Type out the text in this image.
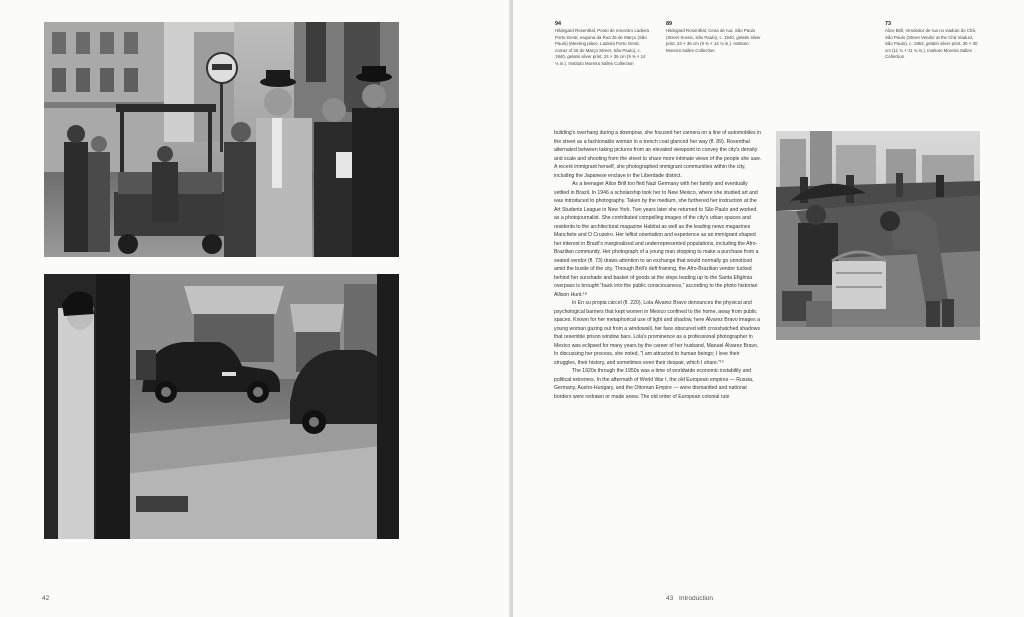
42
94
Hildegard Rosenthal, Ponto de encontro Ladeira Porto Geral, esquina da Rua 25 de Março (São Paulo) (Meeting place, Ladeira Porto Geral, corner of 25 de Março Street, São Paulo), c. 1940, gelatin silver print, 24 × 36 cm (9 ⅜ × 14 ⅛ in.). Instituto Moreira Salles Collection
89
Hildegard Rosenthal, Cena de rua, São Paulo (Street Scene, São Paulo), c. 1940, gelatin silver print, 24 × 36 cm (9 ⅜ × 14 ⅛ in.). Instituto Moreira Salles Collection
73
Alice Brill, Vendedor de rua no viaduto do Chá, São Paulo (Street Vendor at the Chá Viaduct, São Paulo), c. 1953, gelatin silver print, 30 × 30 cm (11 ¾ × 11 ¾ in.). Instituto Moreira Salles Collection

building's overhang during a downpour, she focused her camera on a line of automobiles in the street as a fashionable woman in a trench coat glanced her way (fl. 89). Rosenthal alternated between taking pictures from an elevated viewpoint to convey the city's density and scale and shooting from the street to share more intimate views of the people she saw. A recent immigrant herself, she photographed immigrant communities within the city, including the Japanese enclave in the Liberdade district.

As a teenager Alice Brill too fled Nazi Germany with her family and eventually settled in Brazil. In 1946 a scholarship took her to New Mexico, where she studied art and was introduced to photography. Taken by the medium, she furthered her instruction at the Art Students League in New York. Two years later she returned to São Paulo and worked as a photojournalist. She contributed compelling images of the city's urban spaces and residents to the architectural magazine Habitat as well as the leading news magazines Manchete and O Cruzeiro. Her leftist orientation and experience as an immigrant shaped her interest in Brazil's marginalized and underrepresented populations, including the Afro-Brazilian community. Her photograph of a young man stopping to make a purchase from a seated vendor (fl. 73) draws attention to an exchange that would normally go unnoticed amid the bustle of the city. Through Brill's deft framing, the Afro-Brazilian vendor tucked behind her sunshade and basket of goods at the steps leading up to the Santa Efigênia overpass is brought “back into the public consciousness,” according to the photo historian Allison Hunt.¹⁸

In En su propia cárcel (fl. 220), Lola Álvarez Bravo denounces the physical and psychological barriers that kept women in Mexico confined to the home, away from public spaces. Known for her metaphorical use of light and shadow, here Álvarez Bravo images a young woman gazing out from a windowsill, her face obscured with crosshatched shadows that resemble prison window bars. Lola's prominence as a professional photographer in Mexico was eclipsed for many years by the career of her husband, Manuel Álvarez Bravo. In discussing her process, she noted, “I am attracted to human beings; I love their struggles, their history, and sometimes even their despair, which I share.”¹⁹

The 1920s through the 1950s was a time of worldwide economic instability and political extremes. In the aftermath of World War I, the old European empires — Russia, Germany, Austro-Hungary, and the Ottoman Empire — were dismantled and national borders were redrawn or made anew. The old order of European colonial rule

43 Introduction
